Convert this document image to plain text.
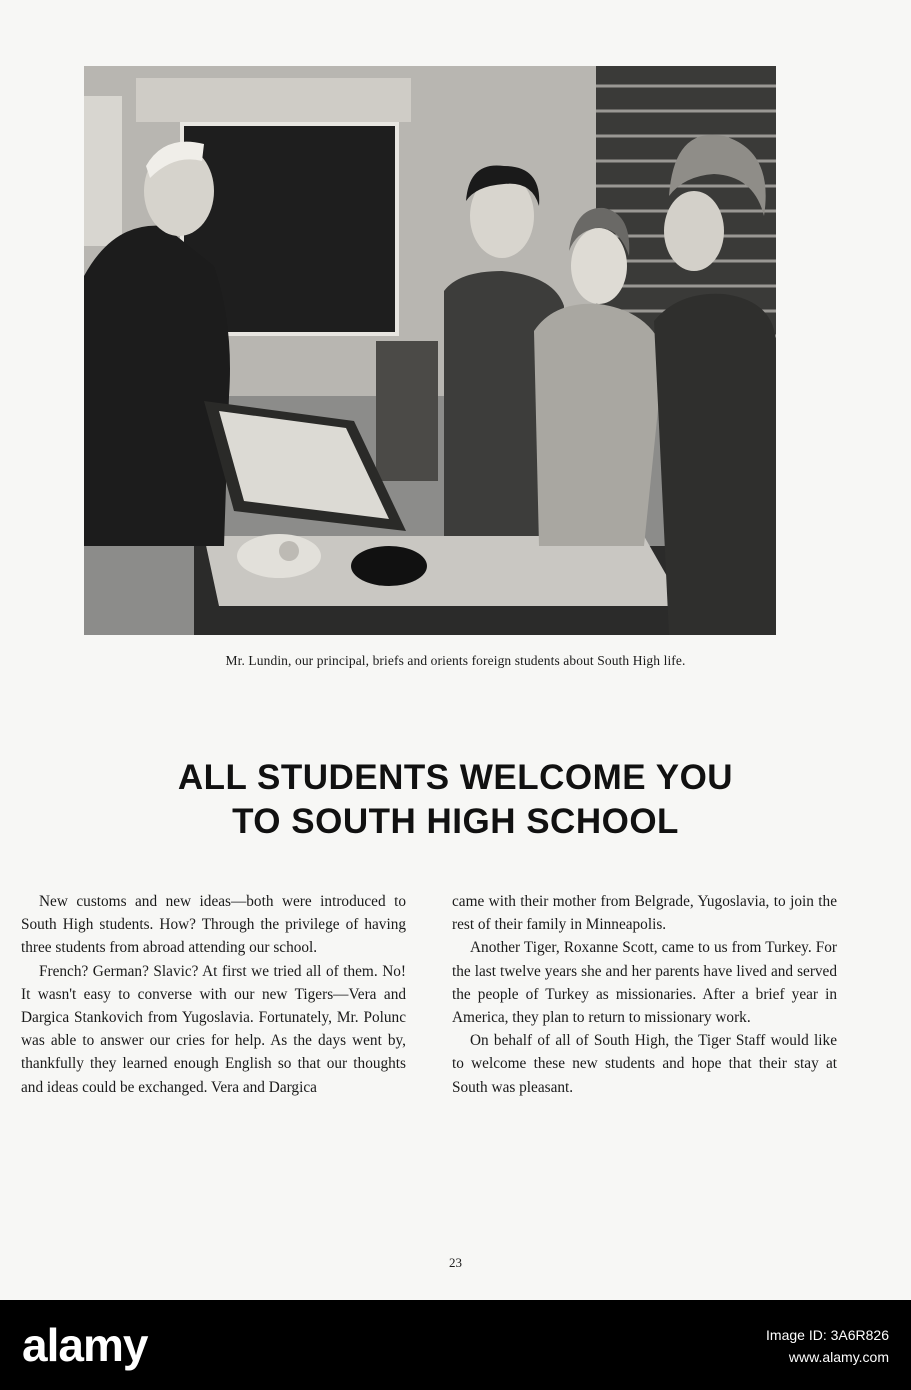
Mr. Lundin, our principal, briefs and orients foreign students about South High life.
ALL STUDENTS WELCOME YOU
TO SOUTH HIGH SCHOOL

New customs and new ideas—both were introduced to South High students. How? Through the privilege of having three students from abroad attending our school.

French? German? Slavic? At first we tried all of them. No! It wasn't easy to converse with our new Tigers—Vera and Dargica Stankovich from Yugoslavia. Fortunately, Mr. Polunc was able to answer our cries for help. As the days went by, thankfully they learned enough English so that our thoughts and ideas could be exchanged. Vera and Dargica

came with their mother from Belgrade, Yugoslavia, to join the rest of their family in Minneapolis.

Another Tiger, Roxanne Scott, came to us from Turkey. For the last twelve years she and her parents have lived and served the people of Turkey as missionaries. After a brief year in America, they plan to return to missionary work.

On behalf of all of South High, the Tiger Staff would like to welcome these new students and hope that their stay at South was pleasant.

23
alamy	Image ID: 3A6R826
www.alamy.com
